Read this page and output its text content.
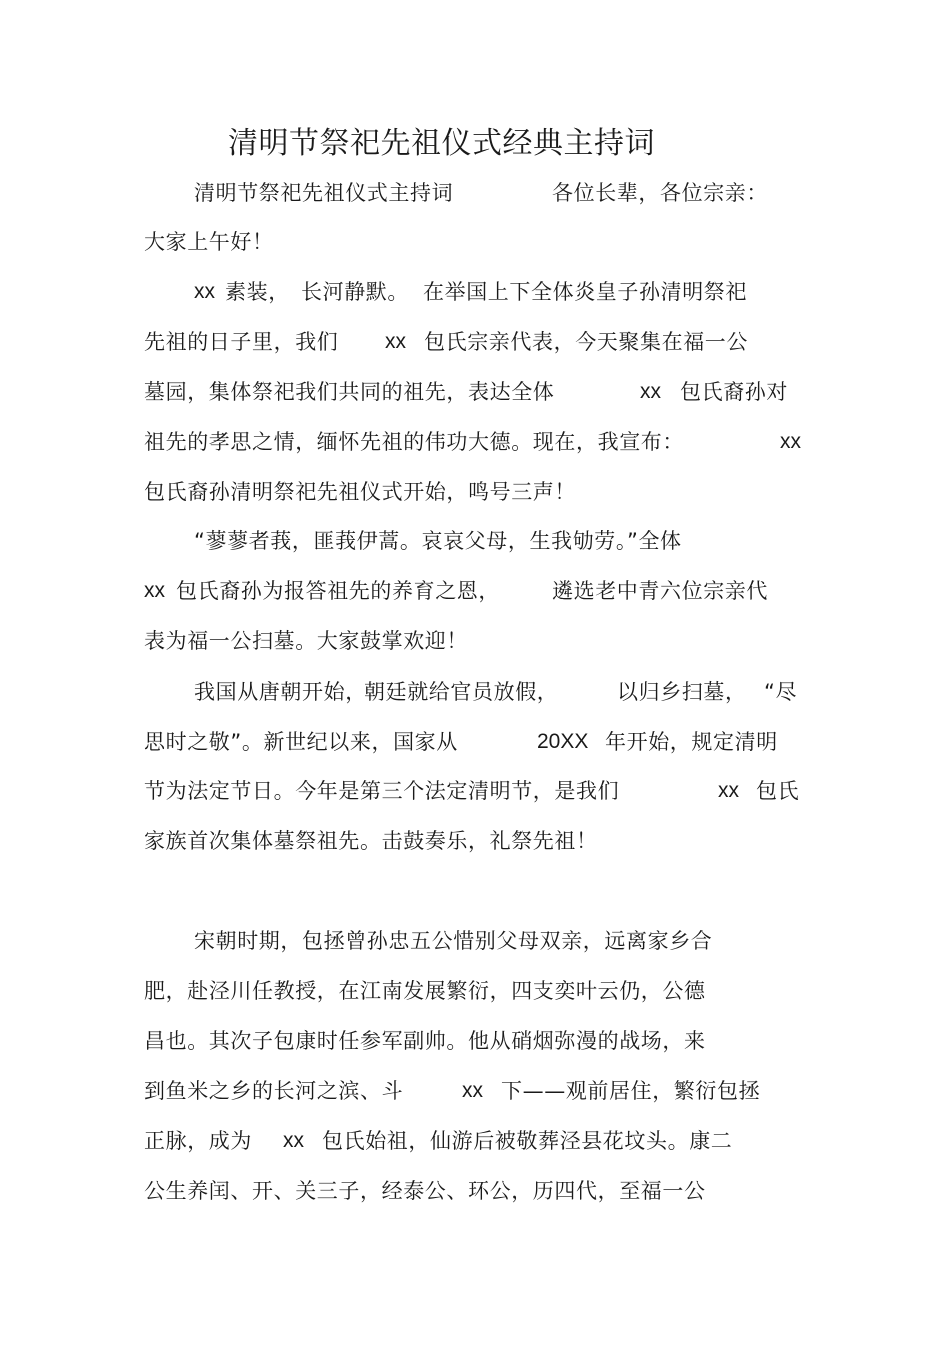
清明节祭祀先祖仪式经典主持词
清明节祭祀先祖仪式主持词	各位长辈，各位宗亲：
大家上午好！
xx 素装， 长河静默。 在举国上下全体炎皇子孙清明祭祀
先祖的日子里，我们 xx 包氏宗亲代表，今天聚集在福一公
墓园，集体祭祀我们共同的祖先，表达全体	xx 包氏裔孙对
祖先的孝思之情，缅怀先祖的伟功大德。现在，我宣布：	xx
包氏裔孙清明祭祀先祖仪式开始，鸣号三声！
“蓼蓼者莪，匪莪伊蒿。哀哀父母，生我劬劳。”全体
xx 包氏裔孙为报答祖先的养育之恩， 遴选老中青六位宗亲代
表为福一公扫墓。大家鼓掌欢迎！
我国从唐朝开始，
朝廷就给官员放假，	以归乡扫墓， “尽
思时之敬”。新世纪以来，国家从	20XX 年开始，规定清明
节为法定节日。今年是第三个法定清明节，是我们	xx 包氏
家族首次集体墓祭祖先。击鼓奏乐，礼祭先祖！
宋朝时期，包拯曾孙忠五公惜别父母双亲，远离家乡合
肥，赴泾川任教授，在江南发展繁衍，四支奕叶云仍，公德
昌也。其次子包康时任参军副帅。他从硝烟弥漫的战场，来
到鱼米之乡的长河之滨、斗	xx 下——观前居住，繁衍包拯
正脉，成为 xx 包氏始祖，仙游后被敬葬泾县花坟头。康二
公生养闰、开、关三子，经泰公、环公，历四代，至福一公
